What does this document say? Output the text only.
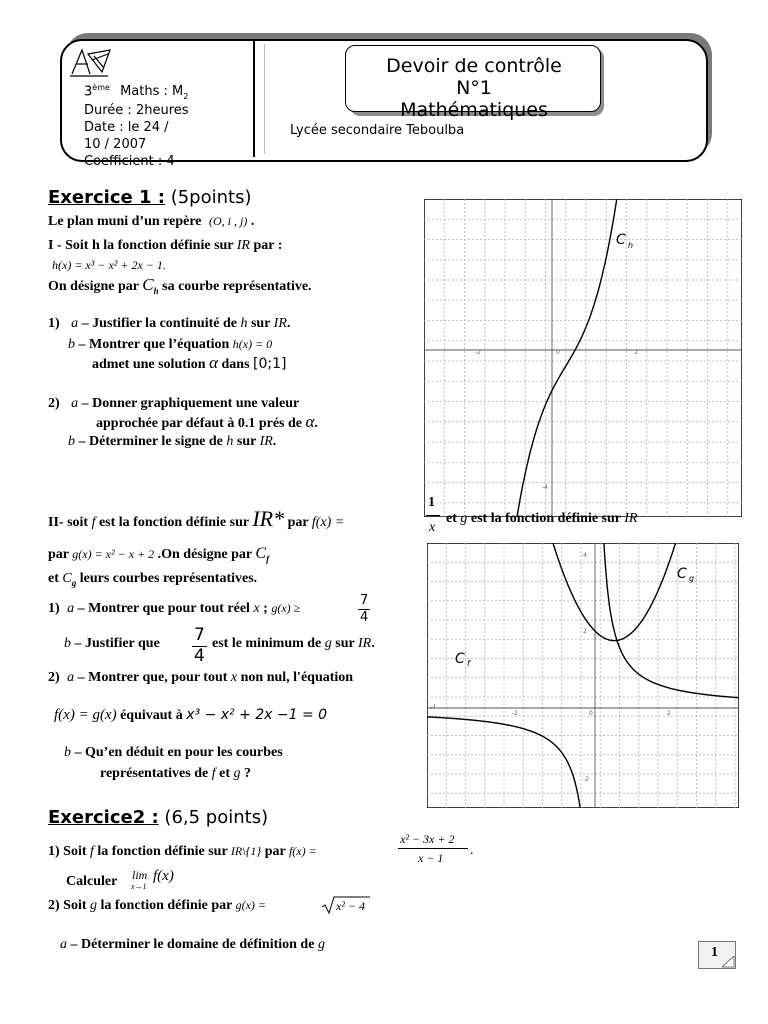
3ème Maths : $M_2$
Durée : 2heures
Date : le 24 /
10 / 2007
Coefficient : 4
Devoir de contrôle
N°1
Mathématiques
Lycée secondaire Teboulba
Exercice 1 : (5points)
Le plan muni d’un repère (O, i , j) .
I - Soit h la fonction définie sur IR par :
h(x) = x³ − x² + 2x − 1.
On désigne par $C_h$ sa courbe représentative.
1) a – Justifier la continuité de h sur IR.
b – Montrer que l’équation h(x) = 0
admet une solution α dans [0;1]
2) a – Donner graphiquement une valeur
approchée par défaut à 0.1 prés de α.
b – Déterminer le signe de h sur IR.
C h
-2	0	2
-4
II- soit f est la fonction définie sur IR* par f(x) =
1
x
et g est la fonction définie sur IR
par g(x) = x² − x + 2 .On désigne par $C_f$
et $C_g$ leurs courbes représentatives.
1) a – Montrer que pour tout réel x ; g(x) ≥	7
4
b – Justifier que 7
4
est le minimum de g sur IR.
2) a – Montrer que, pour tout x non nul, l'équation
f(x) = g(x) équivaut à x³ − x² + 2x −1 = 0
b – Qu’en déduit en pour les courbes
représentatives de f et g ?
C g
C f
4
2
-4
-2	0	2
-2
Exercice2 : (6,5 points)
1) Soit f la fonction définie sur IR\{1} par f(x) =
x² − 3x + 2
x − 1 .
Calculer lim
x→1
f(x)
2) Soit g la fonction définie par g(x) =	x² − 4
a – Déterminer le domaine de définition de g
1
